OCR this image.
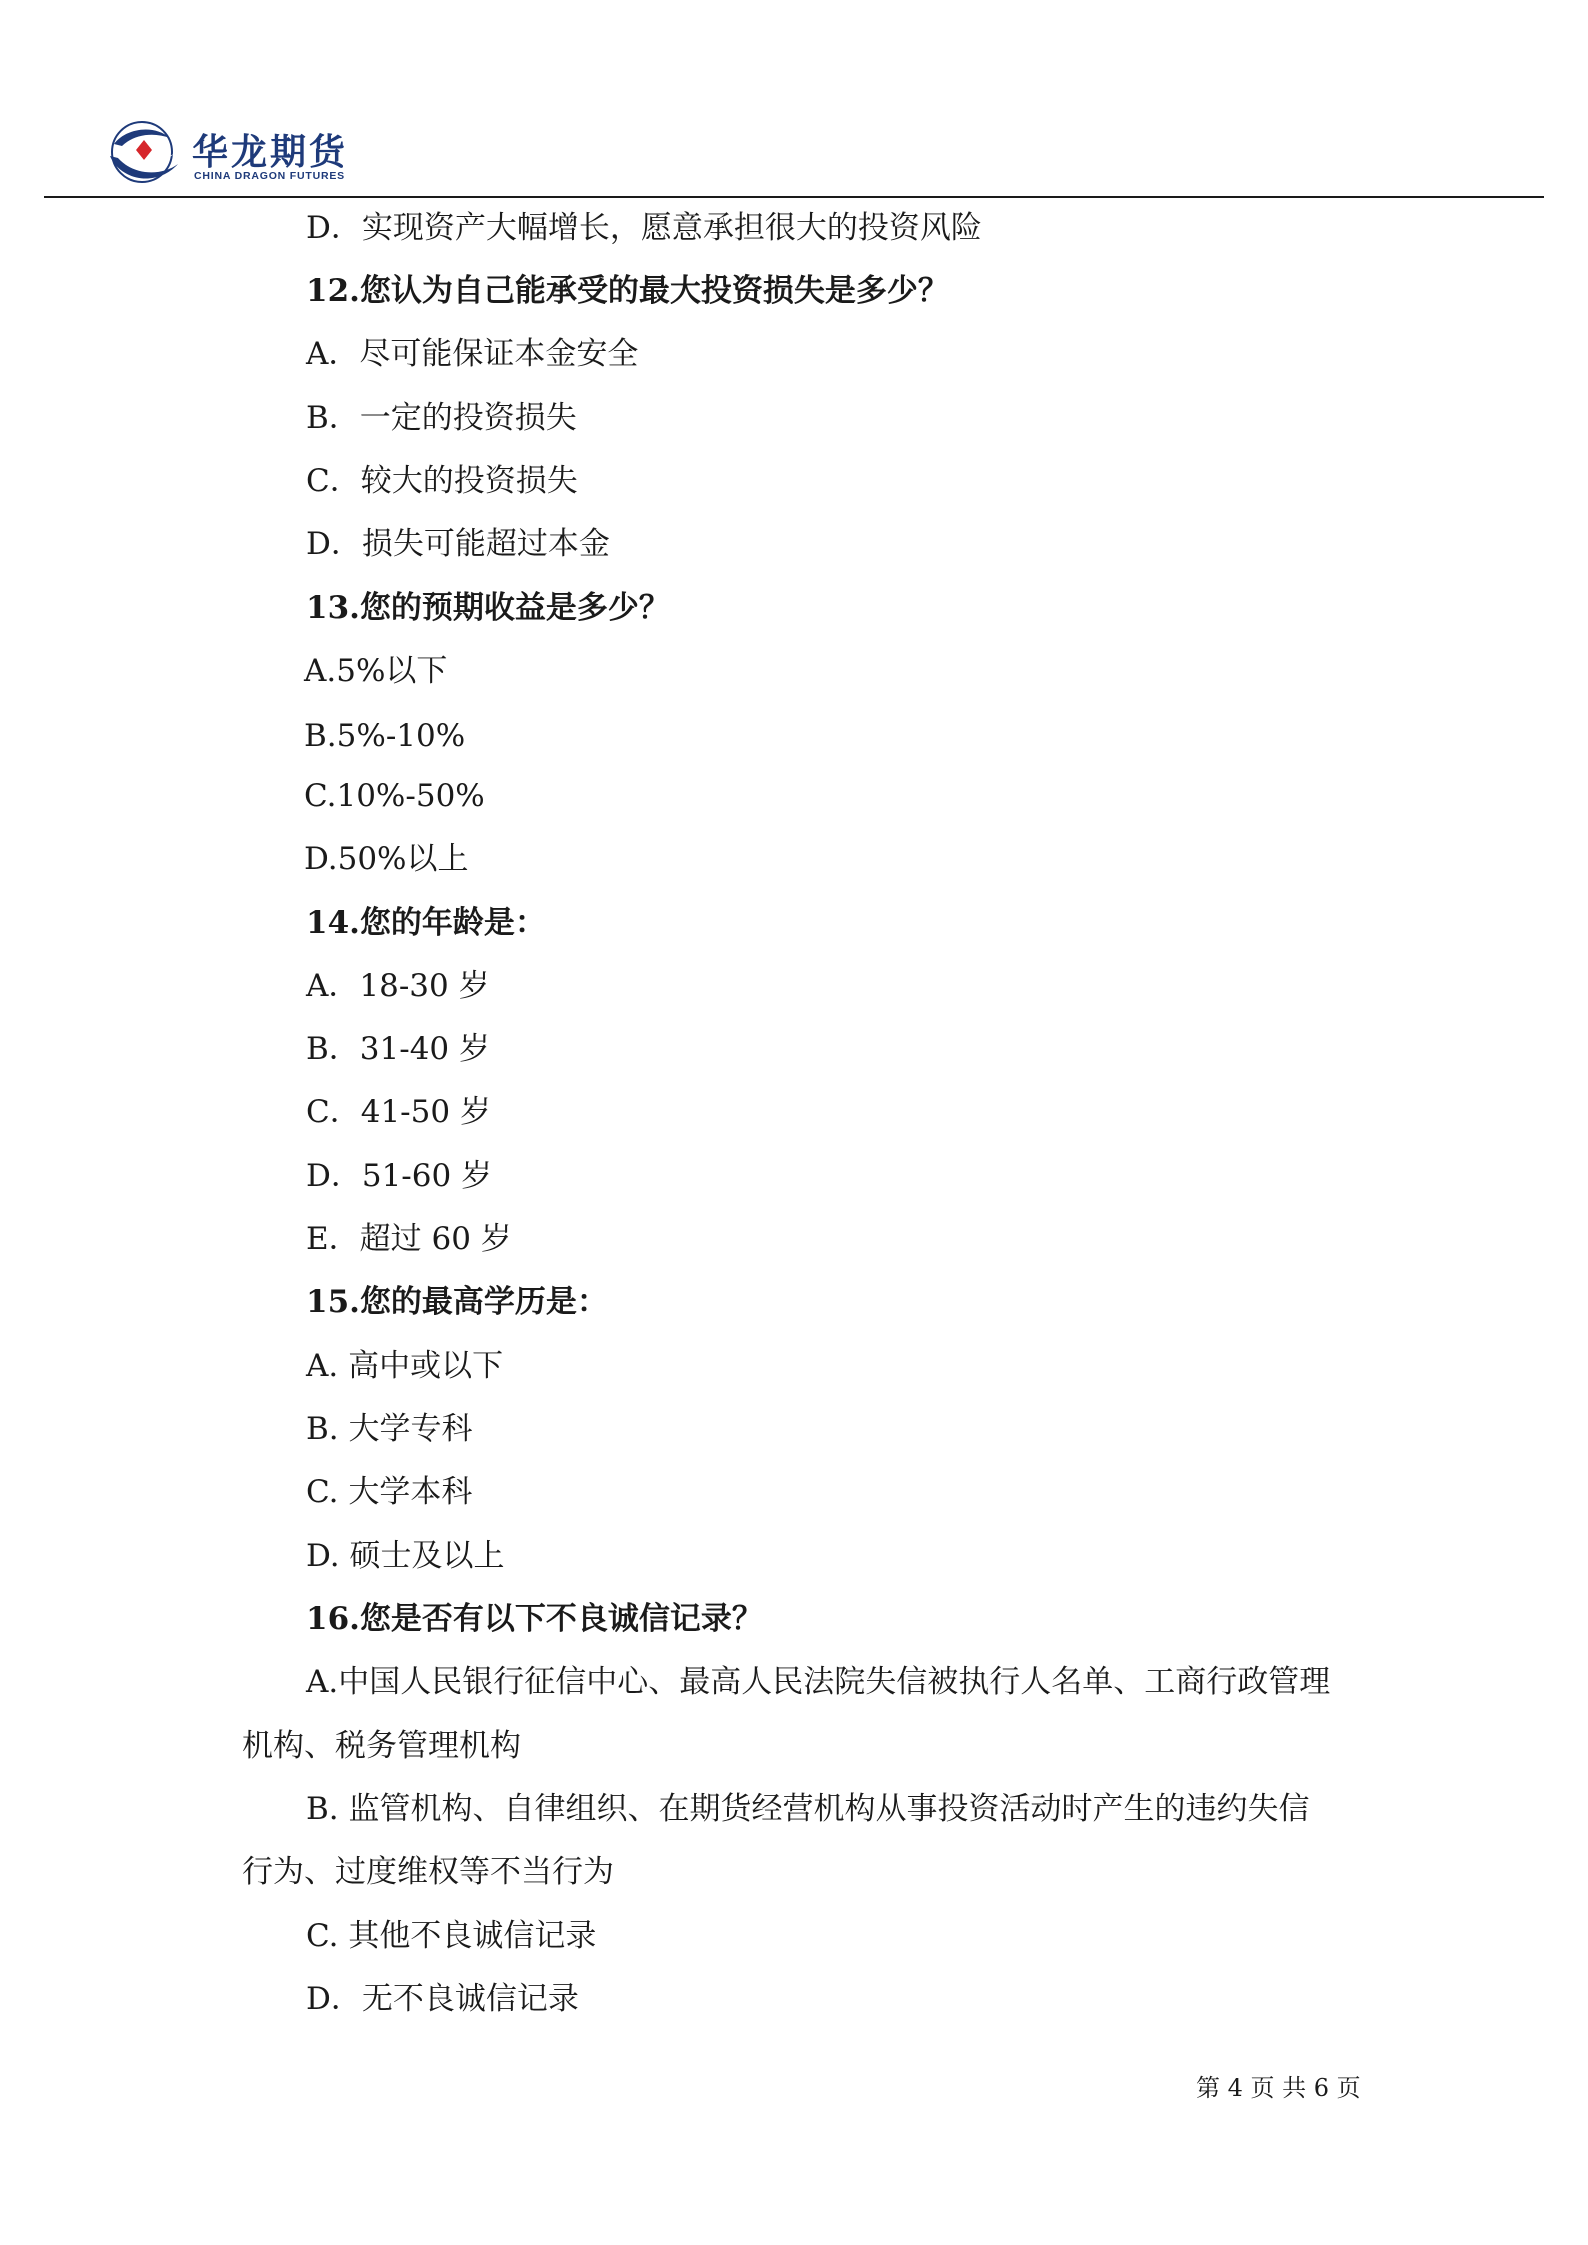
华龙期货
CHINA DRAGON FUTURES
D．实现资产大幅增长，愿意承担很大的投资风险
12.您认为自己能承受的最大投资损失是多少？
A．尽可能保证本金安全
B．一定的投资损失
C．较大的投资损失
D．损失可能超过本金
13.您的预期收益是多少？
A.5%以下
B.5%-10%
C.10%-50%
D.50%以上
14.您的年龄是：
A．18-30 岁
B．31-40 岁
C．41-50 岁
D．51-60 岁
E．超过 60 岁
15.您的最高学历是：
A. 高中或以下
B. 大学专科
C. 大学本科
D. 硕士及以上
16.您是否有以下不良诚信记录？
A.中国人民银行征信中心、最高人民法院失信被执行人名单、工商行政管理
机构、税务管理机构
B. 监管机构、自律组织、在期货经营机构从事投资活动时产生的违约失信
行为、过度维权等不当行为
C. 其他不良诚信记录
D．无不良诚信记录
第 4 页 共 6 页
